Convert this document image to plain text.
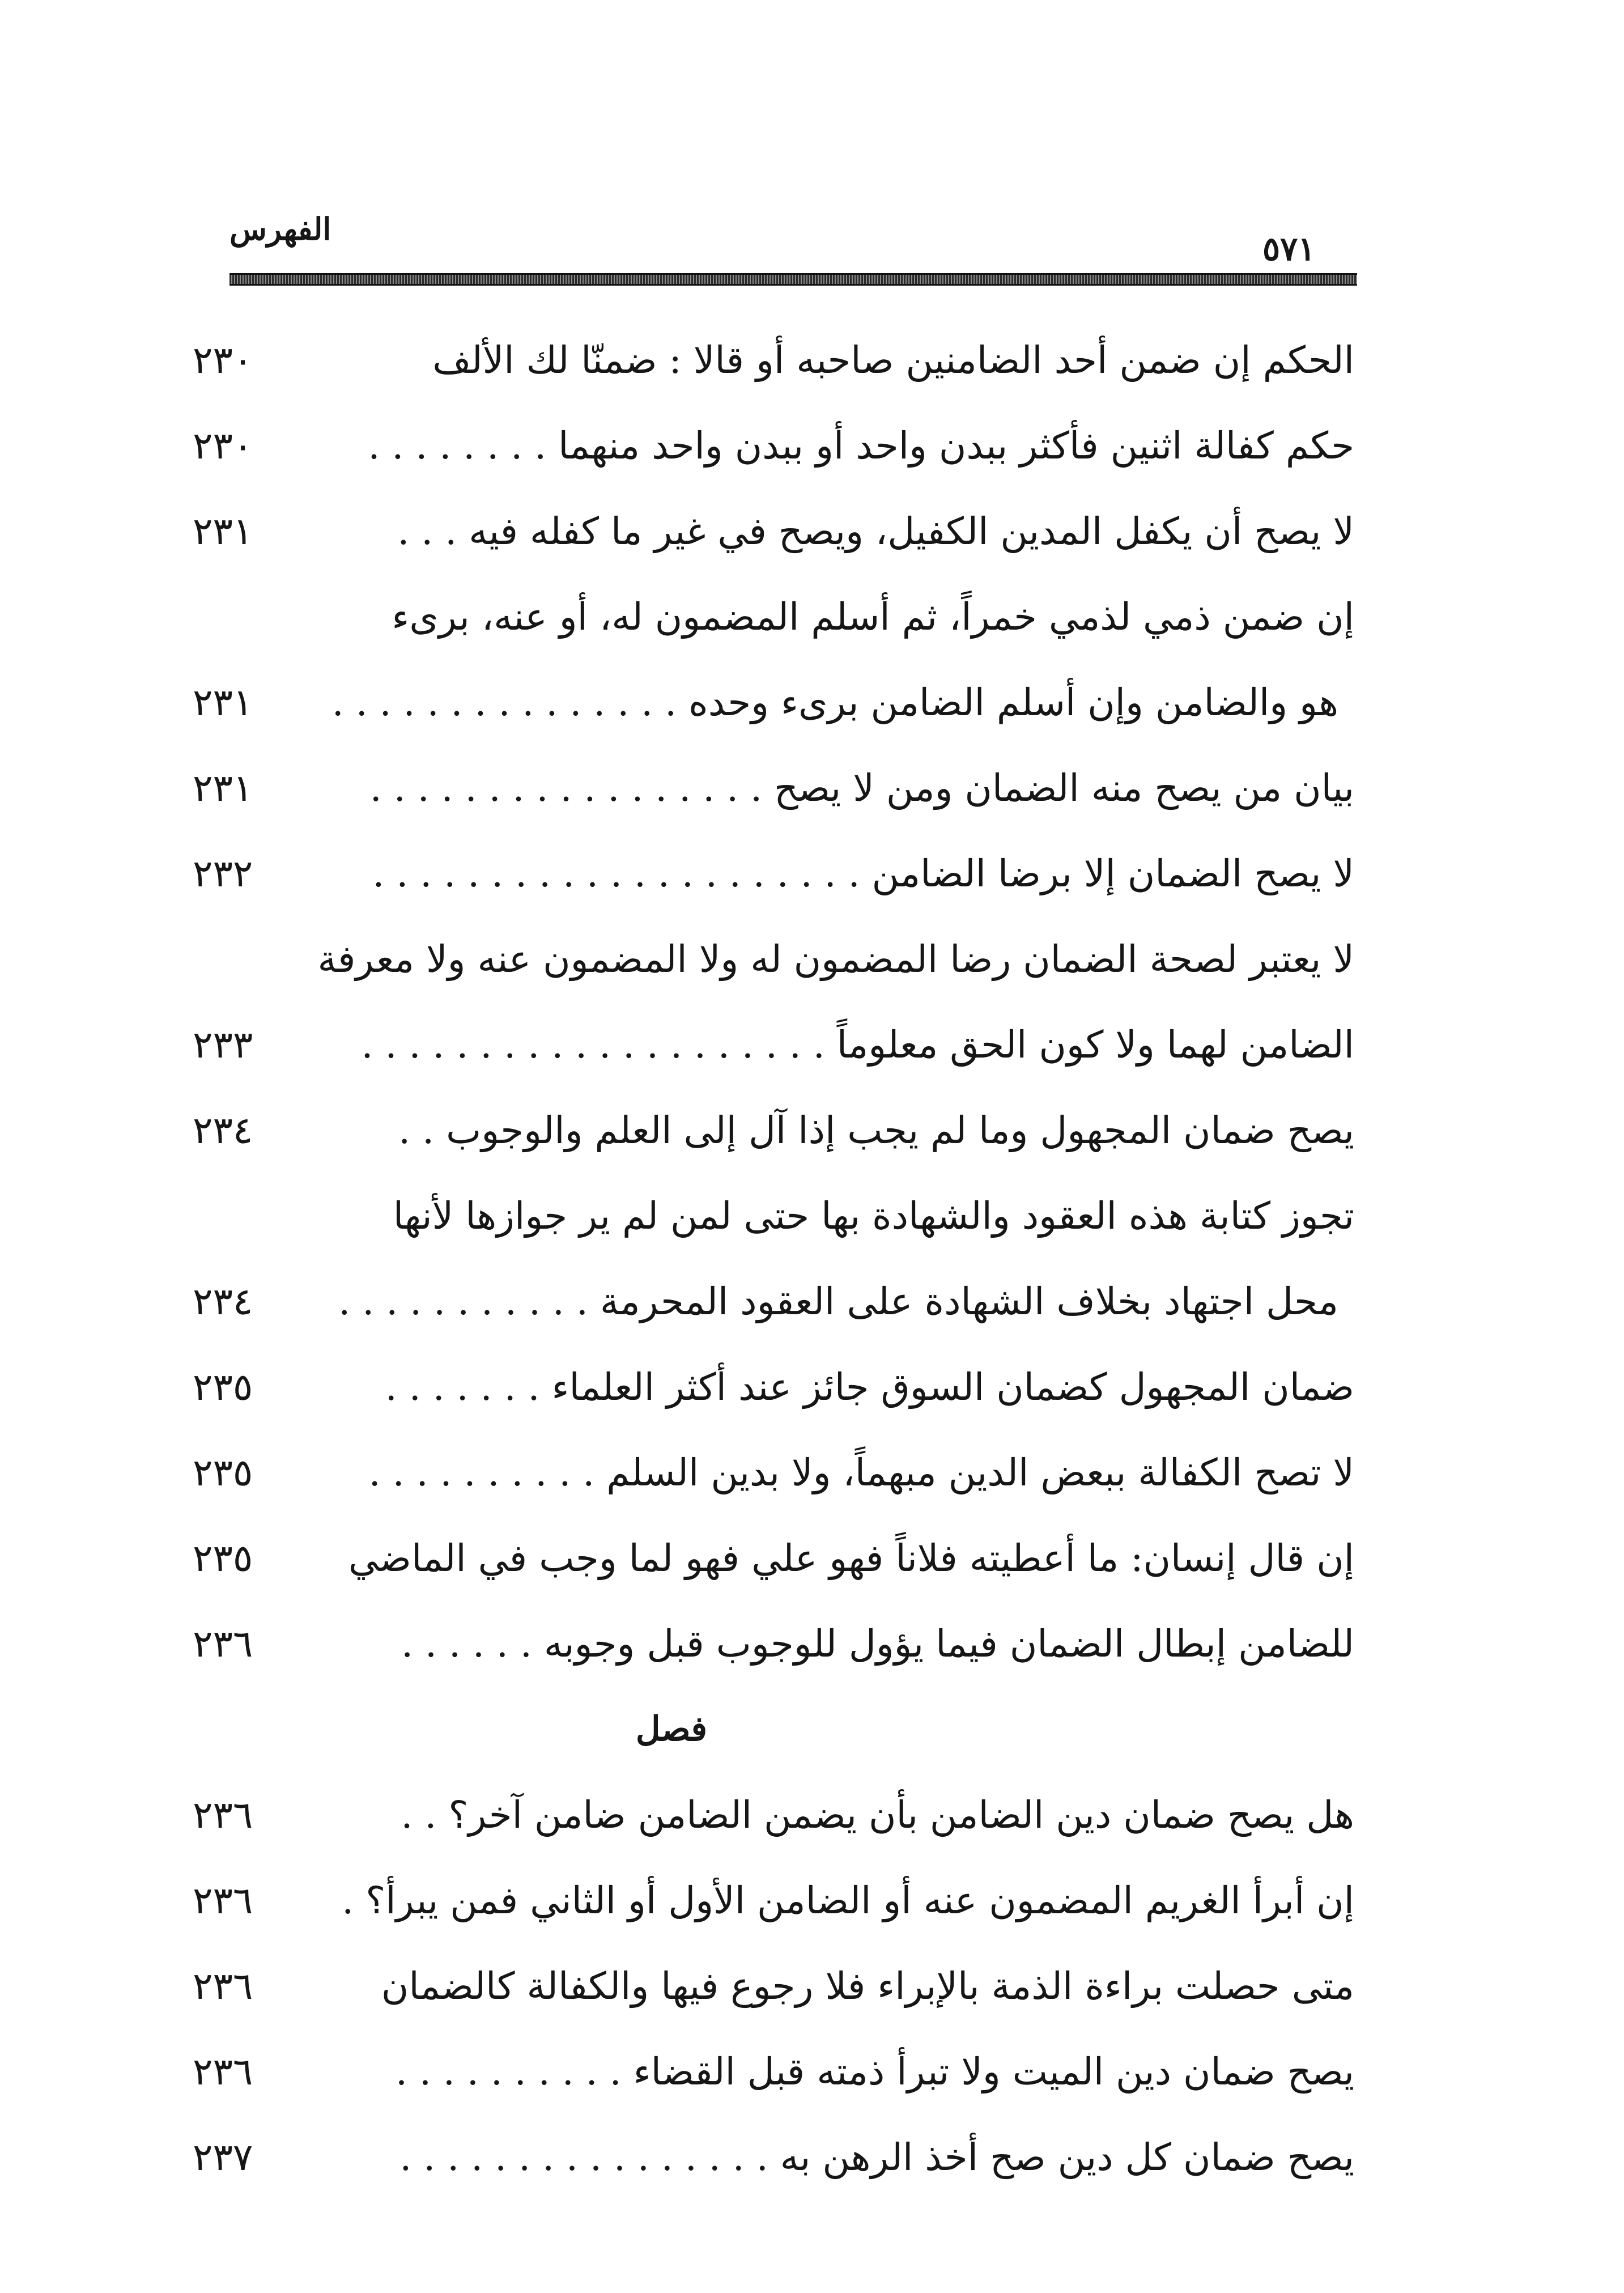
الفهرس
٥٧١
الحكم إن ضمن أحد الضامنين صاحبه أو قالا : ضمنّا لك الألف
٢٣٠
حكم كفالة اثنين فأكثر ببدن واحد أو ببدن واحد منهما . . . . . . . .
٢٣٠
لا يصح أن يكفل المدين الكفيل، ويصح في غير ما كفله فيه . . .
٢٣١
إن ضمن ذمي لذمي خمراً، ثم أسلم المضمون له، أو عنه، برىء
هو والضامن وإن أسلم الضامن برىء وحده . . . . . . . . . . . . . . .
٢٣١
بيان من يصح منه الضمان ومن لا يصح . . . . . . . . . . . . . . . . .
٢٣١
لا يصح الضمان إلا برضا الضامن . . . . . . . . . . . . . . . . . . . . .
٢٣٢
لا يعتبر لصحة الضمان رضا المضمون له ولا المضمون عنه ولا معرفة
الضامن لهما ولا كون الحق معلوماً . . . . . . . . . . . . . . . . . . . .
٢٣٣
يصح ضمان المجهول وما لم يجب إذا آل إلى العلم والوجوب . .
٢٣٤
تجوز كتابة هذه العقود والشهادة بها حتى لمن لم ير جوازها لأنها
محل اجتهاد بخلاف الشهادة على العقود المحرمة . . . . . . . . . . .
٢٣٤
ضمان المجهول كضمان السوق جائز عند أكثر العلماء . . . . . . .
٢٣٥
لا تصح الكفالة ببعض الدين مبهماً، ولا بدين السلم . . . . . . . . . .
٢٣٥
إن قال إنسان: ما أعطيته فلاناً فهو علي فهو لما وجب في الماضي
٢٣٥
للضامن إبطال الضمان فيما يؤول للوجوب قبل وجوبه . . . . . .
٢٣٦
فصل
هل يصح ضمان دين الضامن بأن يضمن الضامن ضامن آخر؟ . .
٢٣٦
إن أبرأ الغريم المضمون عنه أو الضامن الأول أو الثاني فمن يبرأ؟ .
٢٣٦
متى حصلت براءة الذمة بالإبراء فلا رجوع فيها والكفالة كالضمان
٢٣٦
يصح ضمان دين الميت ولا تبرأ ذمته قبل القضاء . . . . . . . . . .
٢٣٦
يصح ضمان كل دين صح أخذ الرهن به . . . . . . . . . . . . . . . .
٢٣٧
